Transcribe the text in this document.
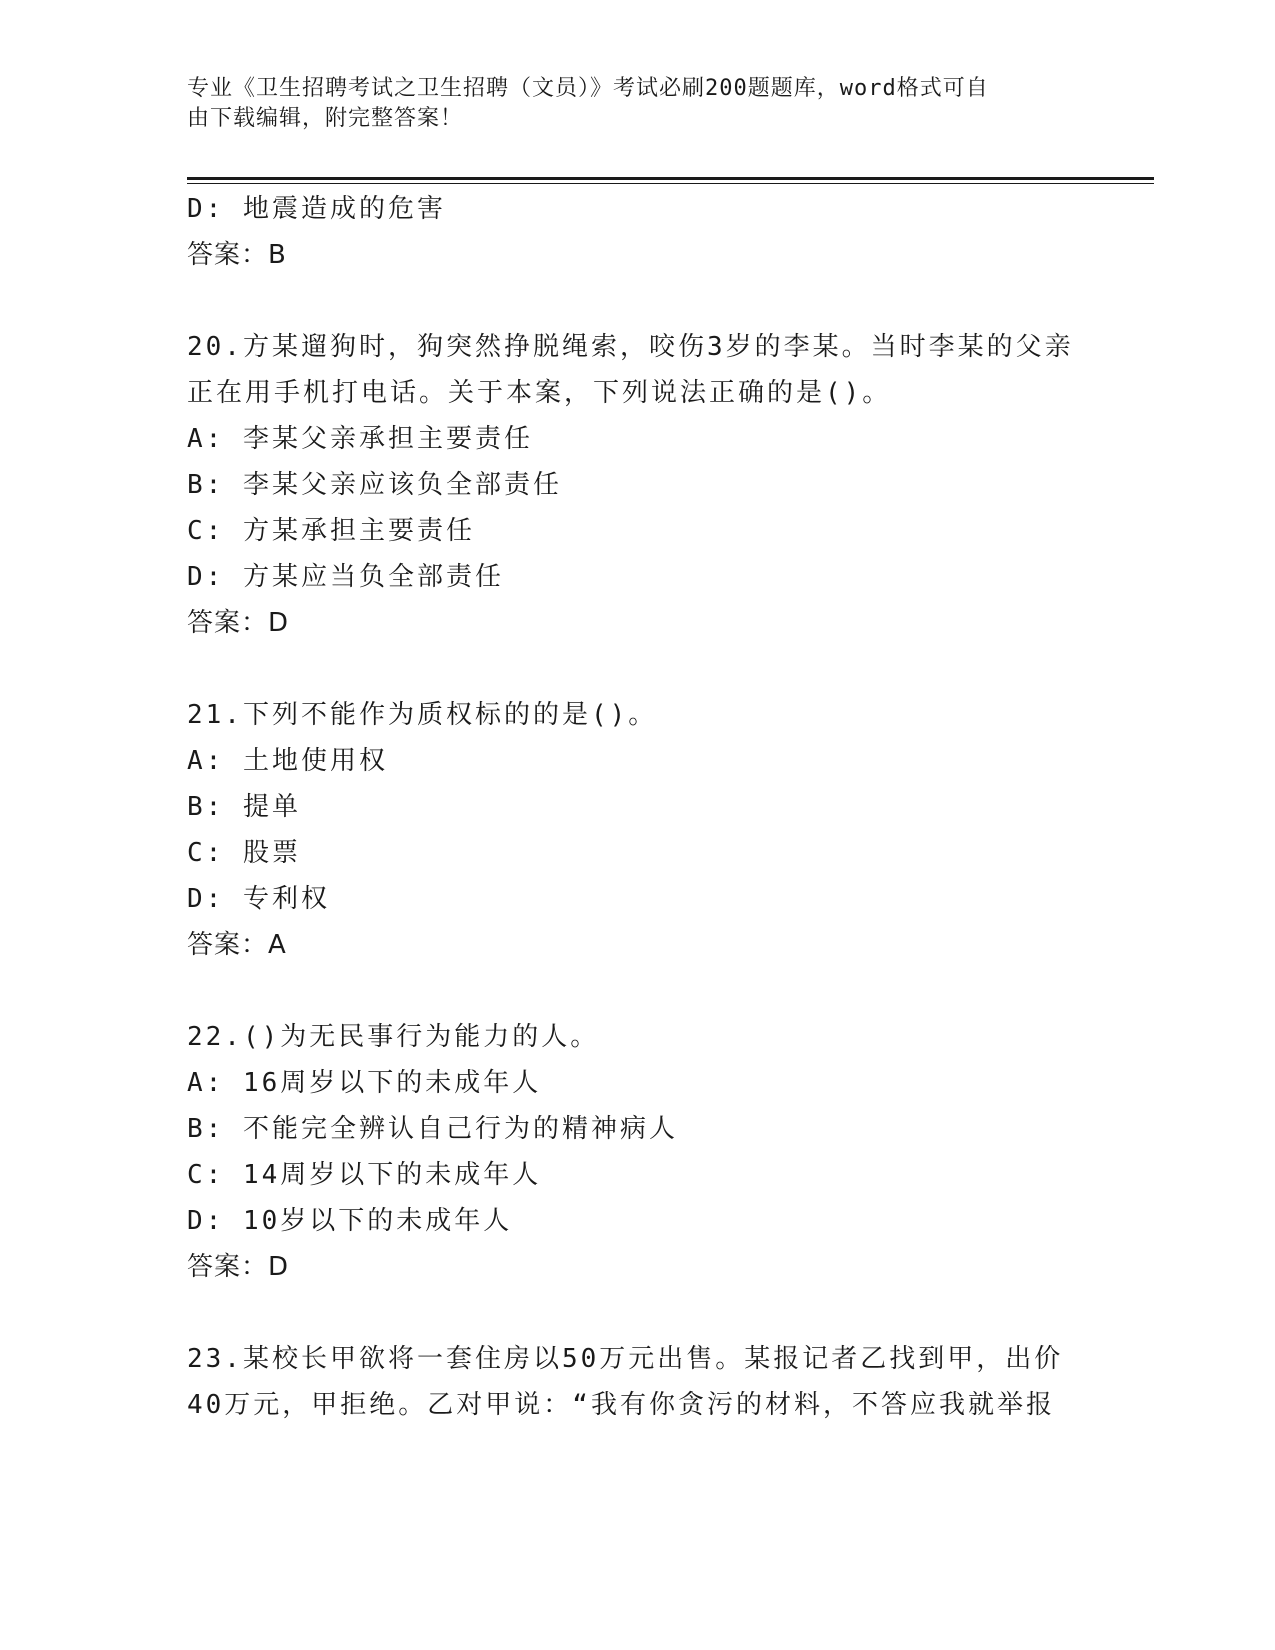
专业《卫生招聘考试之卫生招聘（文员）》考试必刷200题题库，word格式可自
由下载编辑，附完整答案！
D: 地震造成的危害
答案：B
20.方某遛狗时，狗突然挣脱绳索，咬伤3岁的李某。当时李某的父亲
正在用手机打电话。关于本案，下列说法正确的是()。
A: 李某父亲承担主要责任
B: 李某父亲应该负全部责任
C: 方某承担主要责任
D: 方某应当负全部责任
答案：D
21.下列不能作为质权标的的是()。
A: 土地使用权
B: 提单
C: 股票
D: 专利权
答案：A
22.()为无民事行为能力的人。
A: 16周岁以下的未成年人
B: 不能完全辨认自己行为的精神病人
C: 14周岁以下的未成年人
D: 10岁以下的未成年人
答案：D
23.某校长甲欲将一套住房以50万元出售。某报记者乙找到甲，出价
40万元，甲拒绝。乙对甲说：“我有你贪污的材料，不答应我就举报
